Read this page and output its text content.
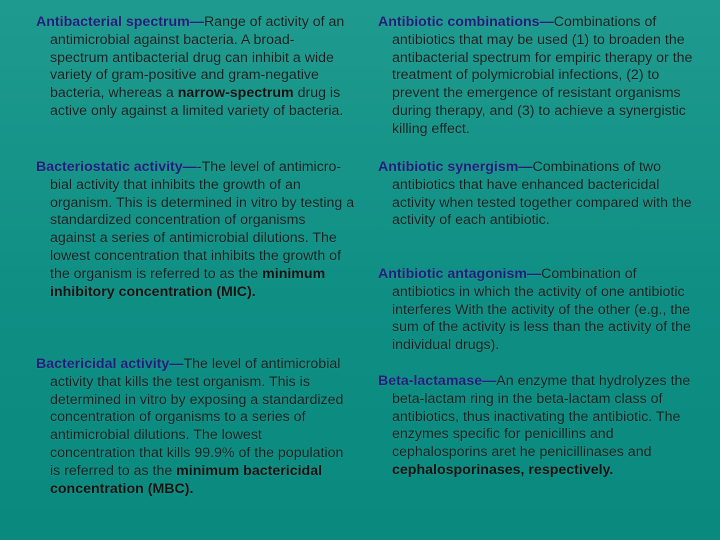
Antibacterial spectrum—Range of activity of an antimicrobial against bacteria. A broad-spectrum antibacterial drug can inhibit a wide variety of gram-positive and gram-negative bacteria, whereas a narrow-spectrum drug is active only against a limited variety of bacteria.

Bacteriostatic activity—-The level of antimicro-bial activity that inhibits the growth of an organism. This is determined in vitro by testing a standardized concentration of organisms against a series of antimicrobial dilutions. The lowest concentration that inhibits the growth of the organism is referred to as the minimum inhibitory concentration (MIC).

Bactericidal activity—The level of antimicrobial activity that kills the test organism. This is determined in vitro by exposing a standardized concentration of organisms to a series of antimicrobial dilutions. The lowest concentration that kills 99.9% of the population is referred to as the minimum bactericidal concentration (MBC).

Antibiotic combinations—Combinations of antibiotics that may be used (1) to broaden the antibacterial spectrum for empiric therapy or the treatment of polymicrobial infections, (2) to prevent the emergence of resistant organisms during therapy, and (3) to achieve a synergistic killing effect.

Antibiotic synergism—Combinations of two antibiotics that have enhanced bactericidal activity when tested together compared with the activity of each antibiotic.

Antibiotic antagonism—Combination of antibiotics in which the activity of one antibiotic interferes With the activity of the other (e.g., the sum of the activity is less than the activity of the individual drugs).

Beta-lactamase—An enzyme that hydrolyzes the beta-lactam ring in the beta-lactam class of antibiotics, thus inactivating the antibiotic. The enzymes specific for penicillins and cephalosporins aret he penicillinases and cephalosporinases, respectively.
